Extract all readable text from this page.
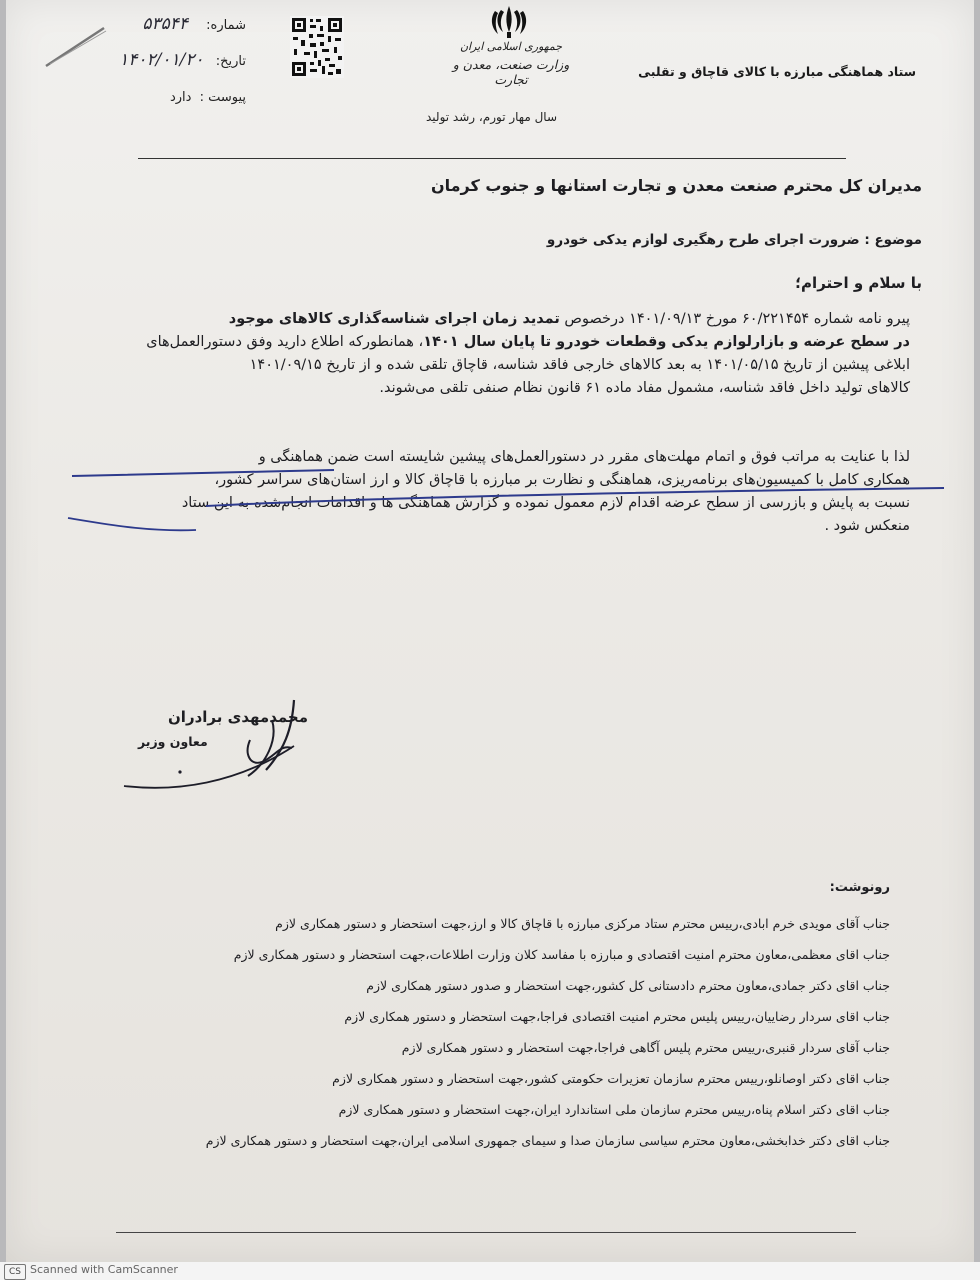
شماره: ۵۳۵۴۴
تاریخ: ۱۴۰۲/۰۱/۲۰
پیوست : دارد
جمهوری اسلامی ایران
وزارت صنعت، معدن و تجارت
سال مهار تورم، رشد تولید
ستاد هماهنگی مبارزه با کالای قاچاق و تقلبی
مدیران کل محترم صنعت معدن و تجارت استانها و جنوب کرمان
موضوع : ضرورت اجرای طرح رهگیری لوازم یدکی خودرو
با سلام و احترام؛
پیرو نامه شماره ۶۰/۲۲۱۴۵۴ مورخ ۱۴۰۱/۰۹/۱۳ درخصوص تمدید زمان اجرای شناسه‌گذاری کالاهای موجود
در سطح عرضه و بازارلوازم یدکی وقطعات خودرو تا پایان سال ۱۴۰۱، همانطورکه اطلاع دارید وفق دستورالعمل‌های
ابلاغی پیشین از تاریخ ۱۴۰۱/۰۵/۱۵ به بعد کالاهای خارجی فاقد شناسه، قاچاق تلقی شده و از تاریخ ۱۴۰۱/۰۹/۱۵
کالاهای تولید داخل فاقد شناسه، مشمول مفاد ماده ۶۱ قانون نظام صنفی تلقی می‌شوند.
لذا با عنایت به مراتب فوق و اتمام مهلت‌های مقرر در دستورالعمل‌های پیشین شایسته است ضمن هماهنگی و
همکاری کامل با کمیسیون‌های برنامه‌ریزی، هماهنگی و نظارت بر مبارزه با قاچاق کالا و ارز استان‌های سراسر کشور،
نسبت به پایش و بازرسی از سطح عرضه اقدام لازم معمول نموده و گزارش هماهنگی ها و اقدامات انجام‌شده به این ستاد
منعکس شود .
محمدمهدی برادران
معاون وزیر
رونوشت:
جناب آقای مویدی خرم ابادی،رییس محترم ستاد مرکزی مبارزه با قاچاق کالا و ارز،جهت استحضار و دستور همکاری لازم
جناب اقای معظمی،معاون محترم امنیت اقتصادی و مبارزه با مفاسد کلان وزارت اطلاعات،جهت استحضار و دستور همکاری لازم
جناب اقای دکتر جمادی،معاون محترم دادستانی کل کشور،جهت استحضار و صدور دستور همکاری لازم
جناب اقای سردار رضاییان،رییس پلیس محترم امنیت اقتصادی فراجا،جهت استحضار و دستور همکاری لازم
جناب آقای سردار قنبری،رییس محترم پلیس آگاهی فراجا،جهت استحضار و دستور همکاری لازم
جناب اقای دکتر اوصانلو،رییس محترم سازمان تعزیرات حکومتی کشور،جهت استحضار و دستور همکاری لازم
جناب اقای دکتر اسلام پناه،رییس محترم سازمان ملی استاندارد ایران،جهت استحضار و دستور همکاری لازم
جناب اقای دکتر خدابخشی،معاون محترم سیاسی سازمان صدا و سیمای جمهوری اسلامی ایران،جهت استحضار و دستور همکاری لازم
CS Scanned with CamScanner
